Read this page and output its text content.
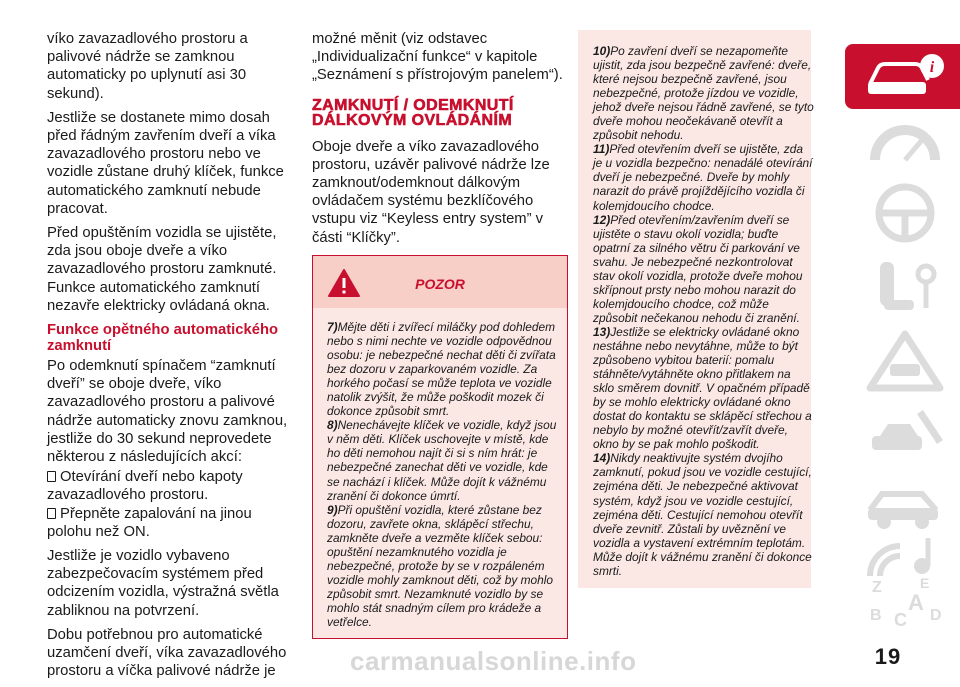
víko zavazadlového prostoru a palivové nádrže se zamknou automaticky po uplynutí asi 30 sekund).

Jestliže se dostanete mimo dosah před řádným zavřením dveří a víka zavazadlového prostoru nebo ve vozidle zůstane druhý klíček, funkce automatického zamknutí nebude pracovat.

Před opuštěním vozidla se ujistěte, zda jsou oboje dveře a víko zavazadlového prostoru zamknuté. Funkce automatického zamknutí nezavře elektricky ovládaná okna.

Funkce opětného automatického zamknutí

Po odemknutí spínačem “zamknutí dveří” se oboje dveře, víko zavazadlového prostoru a palivové nádrže automaticky znovu zamknou, jestliže do 30 sekund neprovedete některou z následujících akcí:

Otevírání dveří nebo kapoty zavazadlového prostoru.

Přepněte zapalování na jinou polohu než ON.

Jestliže je vozidlo vybaveno zabezpečovacím systémem před odcizením vozidla, výstražná světla zabliknou na potvrzení.

Dobu potřebnou pro automatické uzamčení dveří, víka zavazadlového prostoru a víčka palivové nádrže je

možné měnit (viz odstavec „Individualizační funkce“ v kapitole „Seznámení s přístrojovým panelem“).

ZAMKNUTÍ / ODEMKNUTÍ
DÁLKOVÝM OVLÁDÁNÍM

Oboje dveře a víko zavazadlového prostoru, uzávěr palivové nádrže lze zamknout/odemknout dálkovým ovládačem systému bezklíčového vstupu viz “Keyless entry system” v části “Klíčky”.

POZOR

7)Mějte děti i zvířecí miláčky pod dohledem nebo s nimi nechte ve vozidle odpovědnou osobu: je nebezpečné nechat děti či zvířata bez dozoru v zaparkovaném vozidle. Za horkého počasí se může teplota ve vozidle natolik zvýšit, že může poškodit mozek či dokonce způsobit smrt.

8)Nenechávejte klíček ve vozidle, když jsou v něm děti. Klíček uschovejte v místě, kde ho děti nemohou najít či si s ním hrát: je nebezpečné zanechat děti ve vozidle, kde se nachází i klíček. Může dojít k vážnému zranění či dokonce úmrtí.

9)Při opuštění vozidla, které zůstane bez dozoru, zavřete okna, sklápěcí střechu, zamkněte dveře a vezměte klíček sebou: opuštění nezamknutého vozidla je nebezpečné, protože by se v rozpáleném vozidle mohly zamknout děti, což by mohlo způsobit smrt. Nezamknuté vozidlo by se mohlo stát snadným cílem pro krádeže a vetřelce.

10)Po zavření dveří se nezapomeňte ujistit, zda jsou bezpečně zavřené: dveře, které nejsou bezpečně zavřené, jsou nebezpečné, protože jízdou ve vozidle, jehož dveře nejsou řádně zavřené, se tyto dveře mohou neočekávaně otevřít a způsobit nehodu.

11)Před otevřením dveří se ujistěte, zda je u vozidla bezpečno: nenadálé otevírání dveří je nebezpečné. Dveře by mohly narazit do právě projíždějícího vozidla či kolemjdoucího chodce.

12)Před otevřením/zavřením dveří se ujistěte o stavu okolí vozidla; buďte opatrní za silného větru či parkování ve svahu. Je nebezpečné nezkontrolovat stav okolí vozidla, protože dveře mohou skřípnout prsty nebo mohou narazit do kolemjdoucího chodce, což může způsobit nečekanou nehodu či zranění.

13)Jestliže se elektricky ovládané okno nestáhne nebo nevytáhne, může to být způsobeno vybitou baterií: pomalu stáhněte/vytáhněte okno přitlakem na sklo směrem dovnitř. V opačném případě by se mohlo elektricky ovládané okno dostat do kontaktu se sklápěcí střechou a nebylo by možné otevřít/zavřít dveře, okno by se pak mohlo poškodit.

14)Nikdy neaktivujte systém dvojího zamknutí, pokud jsou ve vozidle cestující, zejména děti. Je nebezpečné aktivovat systém, když jsou ve vozidle cestující, zejména děti. Cestující nemohou otevřít dveře zevnitř. Zůstali by uvěznění ve vozidla a vystavení extrémním teplotám. Může dojít k vážnému zranění či dokonce smrti.

i
Z	E
B C
A
D
19
carmanualsonline.info
